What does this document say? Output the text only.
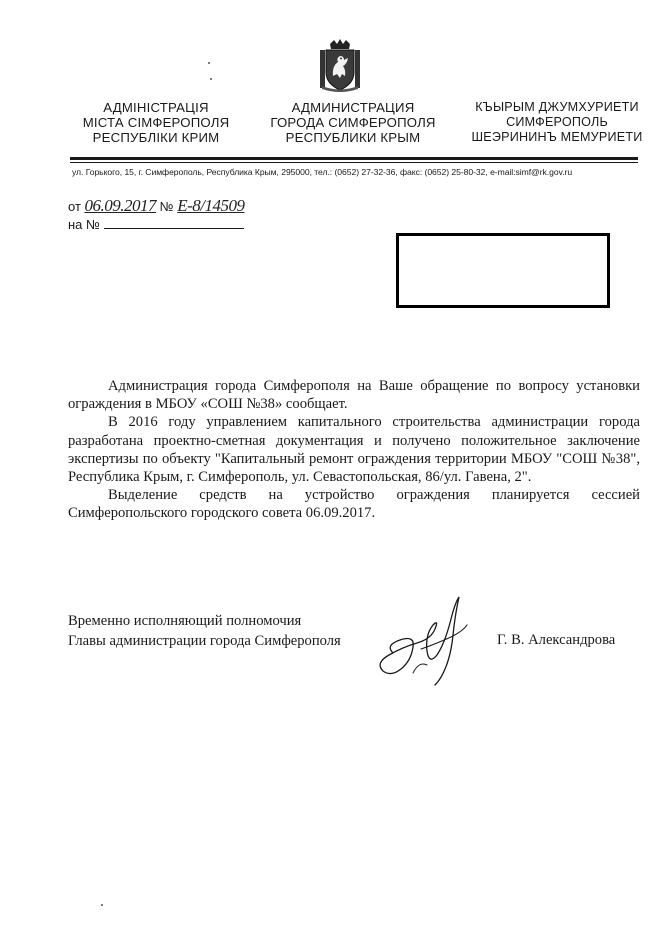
АДМІНІСТРАЦІЯ
МІСТА СІМФЕРОПОЛЯ
РЕСПУБЛІКИ КРИМ
АДМИНИСТРАЦИЯ
ГОРОДА СИМФЕРОПОЛЯ
РЕСПУБЛИКИ КРЫМ
КЪЫРЫМ ДЖУМХУРИЕТИ
СИМФЕРОПОЛЬ
ШЕЭРИНИНЪ МЕМУРИЕТИ
ул. Горького, 15, г. Симферополь, Республика Крым, 295000, тел.: (0652) 27-32-36, факс: (0652) 25-80-32, e-mail:simf@rk.gov.ru
от 06.09.2017 № Е-8/14509
на №

Администрация города Симферополя на Ваше обращение по вопросу установки ограждения в МБОУ «СОШ №38» сообщает.

В 2016 году управлением капитального строительства администрации города разработана проектно-сметная документация и получено положительное заключение экспертизы по объекту "Капитальный ремонт ограждения территории МБОУ "СОШ №38", Республика Крым, г. Симферополь, ул. Севастопольская, 86/ул. Гавена, 2".

Выделение средств на устройство ограждения планируется сессией Симферопольского городского совета 06.09.2017.

Временно исполняющий полномочия
Главы администрации города Симферополя	Г. В. Александрова
